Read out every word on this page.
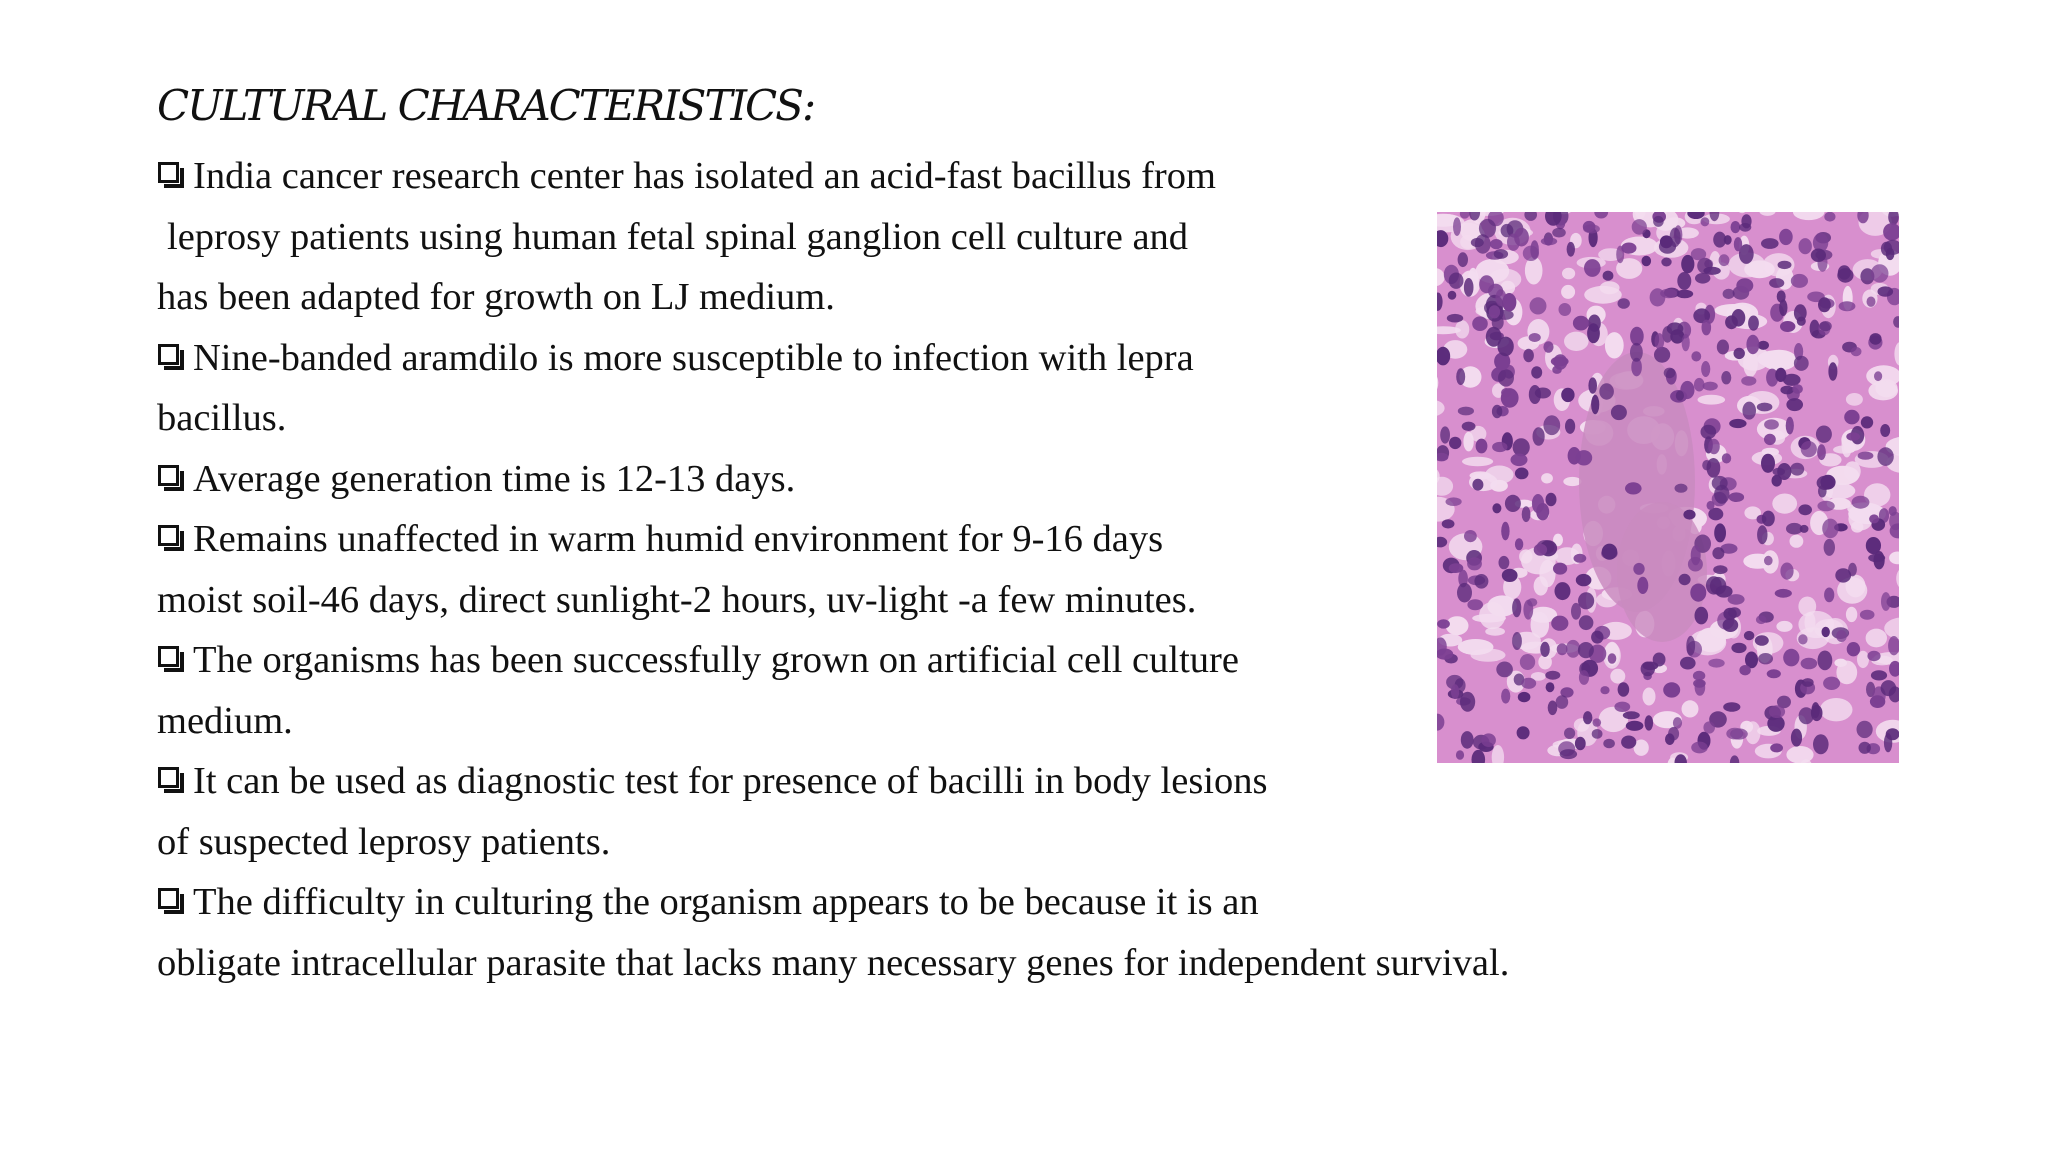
CULTURAL CHARACTERISTICS:
India cancer research center has isolated an acid-fast bacillus from
leprosy patients using human fetal spinal ganglion cell culture and
has been adapted for growth on LJ medium.
Nine-banded aramdilo is more susceptible to infection with lepra
bacillus.
Average generation time is 12-13 days.
Remains unaffected in warm humid environment for 9-16 days
moist soil-46 days, direct sunlight-2 hours, uv-light -a few minutes.
The organisms has been successfully grown on artificial cell culture
medium.
It can be used as diagnostic test for presence of bacilli in body lesions
of suspected leprosy patients.
The difficulty in culturing the organism appears to be because it is an
obligate intracellular parasite that lacks many necessary genes for independent survival.
